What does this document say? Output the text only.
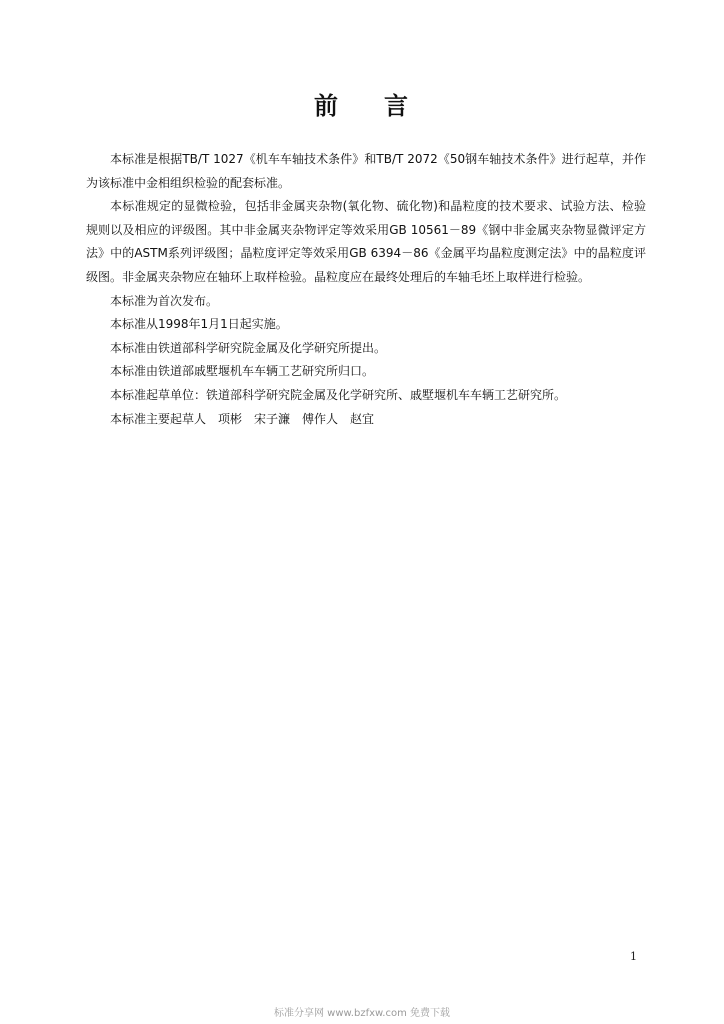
前 言

本标准是根据TB/T 1027《机车车轴技术条件》和TB/T 2072《50钢车轴技术条件》进行起草，并作为该标准中金相组织检验的配套标准。

本标准规定的显微检验，包括非金属夹杂物(氧化物、硫化物)和晶粒度的技术要求、试验方法、检验规则以及相应的评级图。其中非金属夹杂物评定等效采用GB 10561－89《钢中非金属夹杂物显微评定方法》中的ASTM系列评级图；晶粒度评定等效采用GB 6394－86《金属平均晶粒度测定法》中的晶粒度评级图。非金属夹杂物应在轴环上取样检验。晶粒度应在最终处理后的车轴毛坯上取样进行检验。

本标准为首次发布。

本标准从1998年1月1日起实施。

本标准由铁道部科学研究院金属及化学研究所提出。

本标准由铁道部戚墅堰机车车辆工艺研究所归口。

本标准起草单位：铁道部科学研究院金属及化学研究所、戚墅堰机车车辆工艺研究所。

本标准主要起草人　项彬　宋子濂　傅作人　赵宜

1
标准分享网 www.bzfxw.com 免费下载
